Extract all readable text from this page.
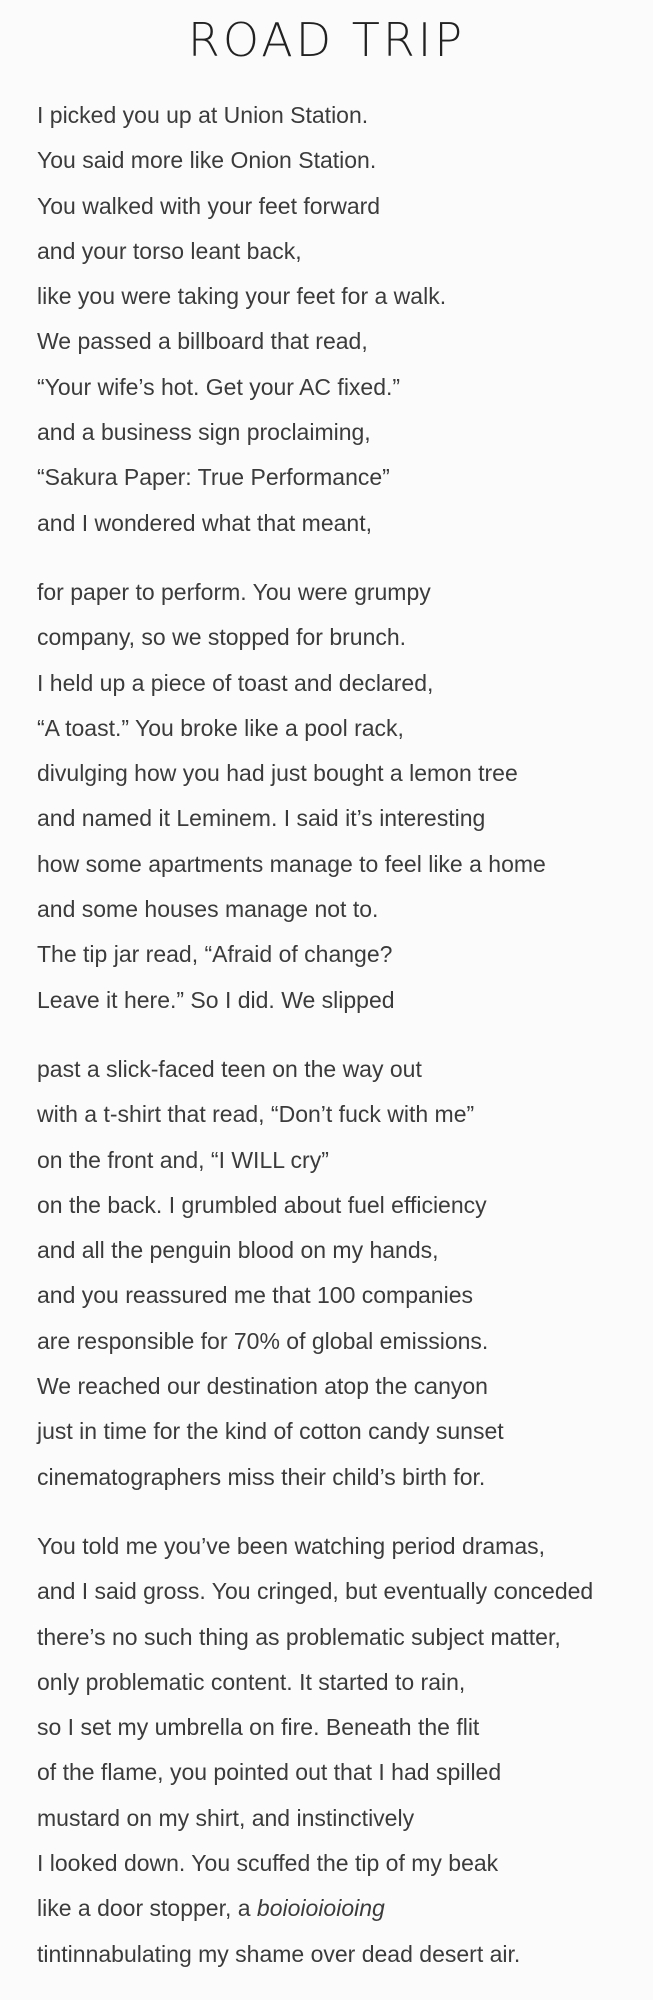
ROAD TRIP
I picked you up at Union Station.
You said more like Onion Station.
You walked with your feet forward
and your torso leant back,
like you were taking your feet for a walk.
We passed a billboard that read,
“Your wife’s hot. Get your AC fixed.”
and a business sign proclaiming,
“Sakura Paper: True Performance”
and I wondered what that meant,
for paper to perform. You were grumpy
company, so we stopped for brunch.
I held up a piece of toast and declared,
“A toast.” You broke like a pool rack,
divulging how you had just bought a lemon tree
and named it Leminem. I said it’s interesting
how some apartments manage to feel like a home
and some houses manage not to.
The tip jar read, “Afraid of change?
Leave it here.” So I did. We slipped
past a slick-faced teen on the way out
with a t-shirt that read, “Don’t fuck with me”
on the front and, “I WILL cry”
on the back. I grumbled about fuel efficiency
and all the penguin blood on my hands,
and you reassured me that 100 companies
are responsible for 70% of global emissions.
We reached our destination atop the canyon
just in time for the kind of cotton candy sunset
cinematographers miss their child’s birth for.
You told me you’ve been watching period dramas,
and I said gross. You cringed, but eventually conceded
there’s no such thing as problematic subject matter,
only problematic content. It started to rain,
so I set my umbrella on fire. Beneath the flit
of the flame, you pointed out that I had spilled
mustard on my shirt, and instinctively
I looked down. You scuffed the tip of my beak
like a door stopper, a boioioioioing
tintinnabulating my shame over dead desert air.
